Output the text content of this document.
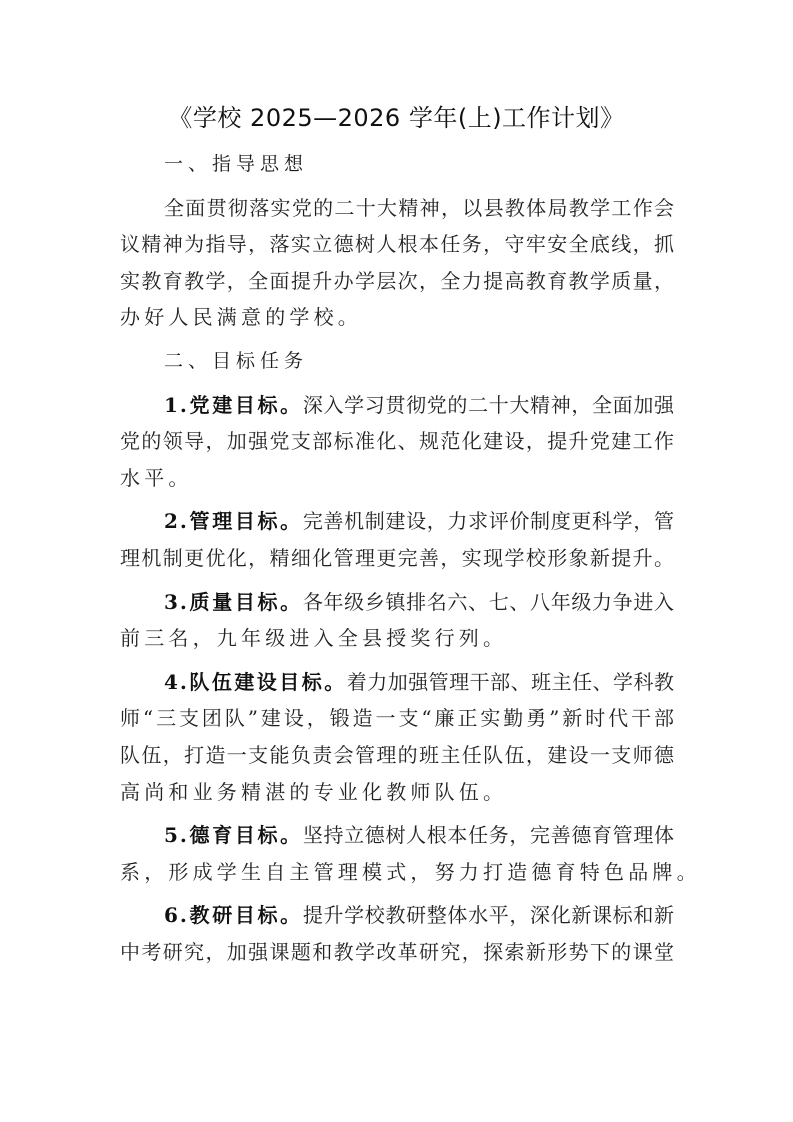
《学校 2025—2026 学年(上)工作计划》
一、指导思想
全面贯彻落实党的二十大精神，以县教体局教学工作会
议精神为指导，落实立德树人根本任务，守牢安全底线，抓
实教育教学，全面提升办学层次，全力提高教育教学质量，
办好人民满意的学校。
二、目标任务
1.党建目标。深入学习贯彻党的二十大精神，全面加强
党的领导，加强党支部标准化、规范化建设，提升党建工作
水平。
2.管理目标。完善机制建设，力求评价制度更科学，管
理机制更优化，精细化管理更完善，实现学校形象新提升。
3.质量目标。各年级乡镇排名六、七、八年级力争进入
前三名，九年级进入全县授奖行列。
4.队伍建设目标。着力加强管理干部、班主任、学科教
师“三支团队”建设，锻造一支“廉正实勤勇”新时代干部
队伍，打造一支能负责会管理的班主任队伍，建设一支师德
高尚和业务精湛的专业化教师队伍。
5.德育目标。坚持立德树人根本任务，完善德育管理体
系，形成学生自主管理模式，努力打造德育特色品牌。
6.教研目标。提升学校教研整体水平，深化新课标和新
中考研究，加强课题和教学改革研究，探索新形势下的课堂
